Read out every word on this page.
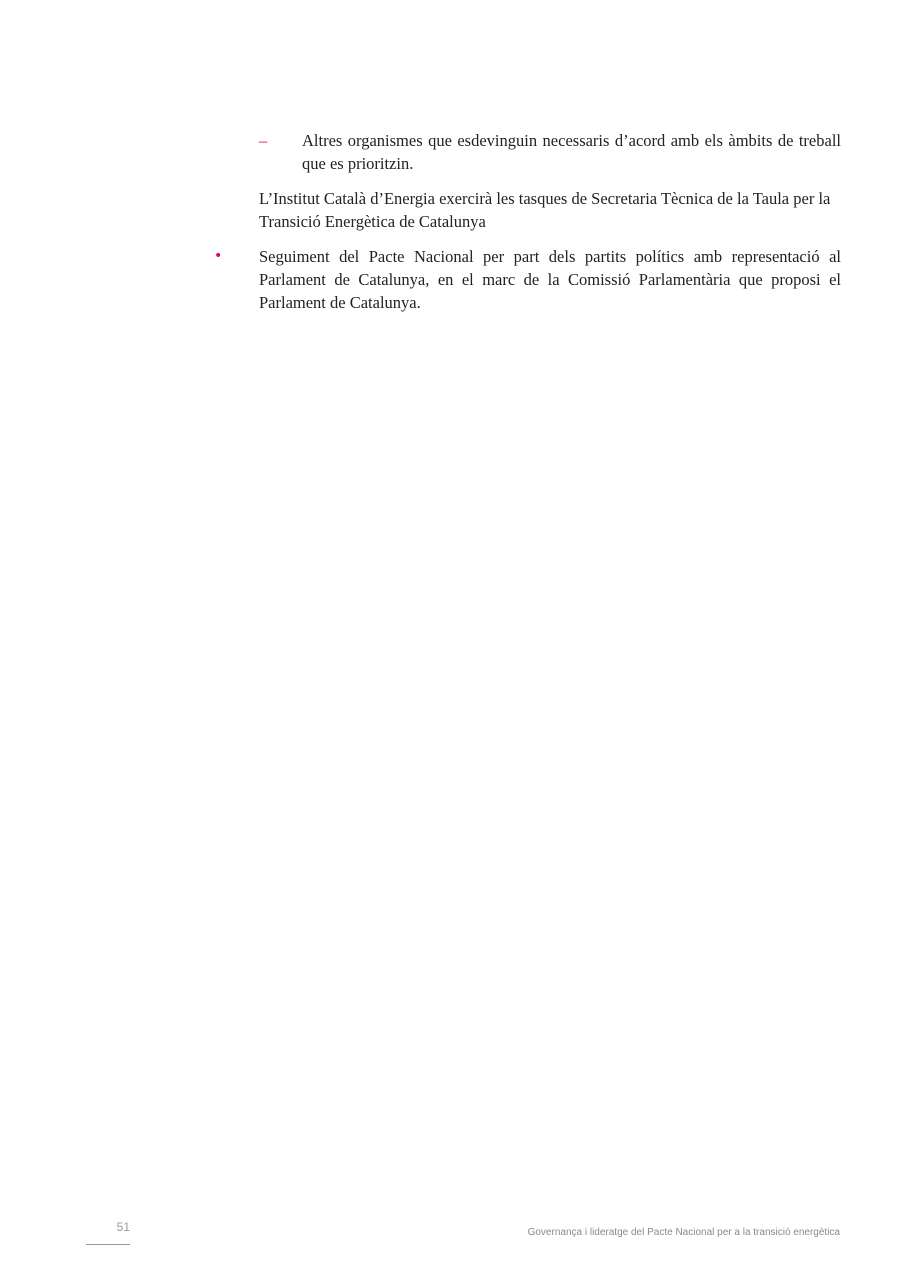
– Altres organismes que esdevinguin necessaris d’acord amb els àmbits de treball que es prioritzin.
L’Institut Català d’Energia exercirà les tasques de Secretaria Tècnica de la Taula per la Transició Energètica de Catalunya
• Seguiment del Pacte Nacional per part dels partits polítics amb representació al Parlament de Catalunya, en el marc de la Comissió Parlamentària que proposi el Parlament de Catalunya.
51	Governança i lideratge del Pacte Nacional per a la transició energètica
